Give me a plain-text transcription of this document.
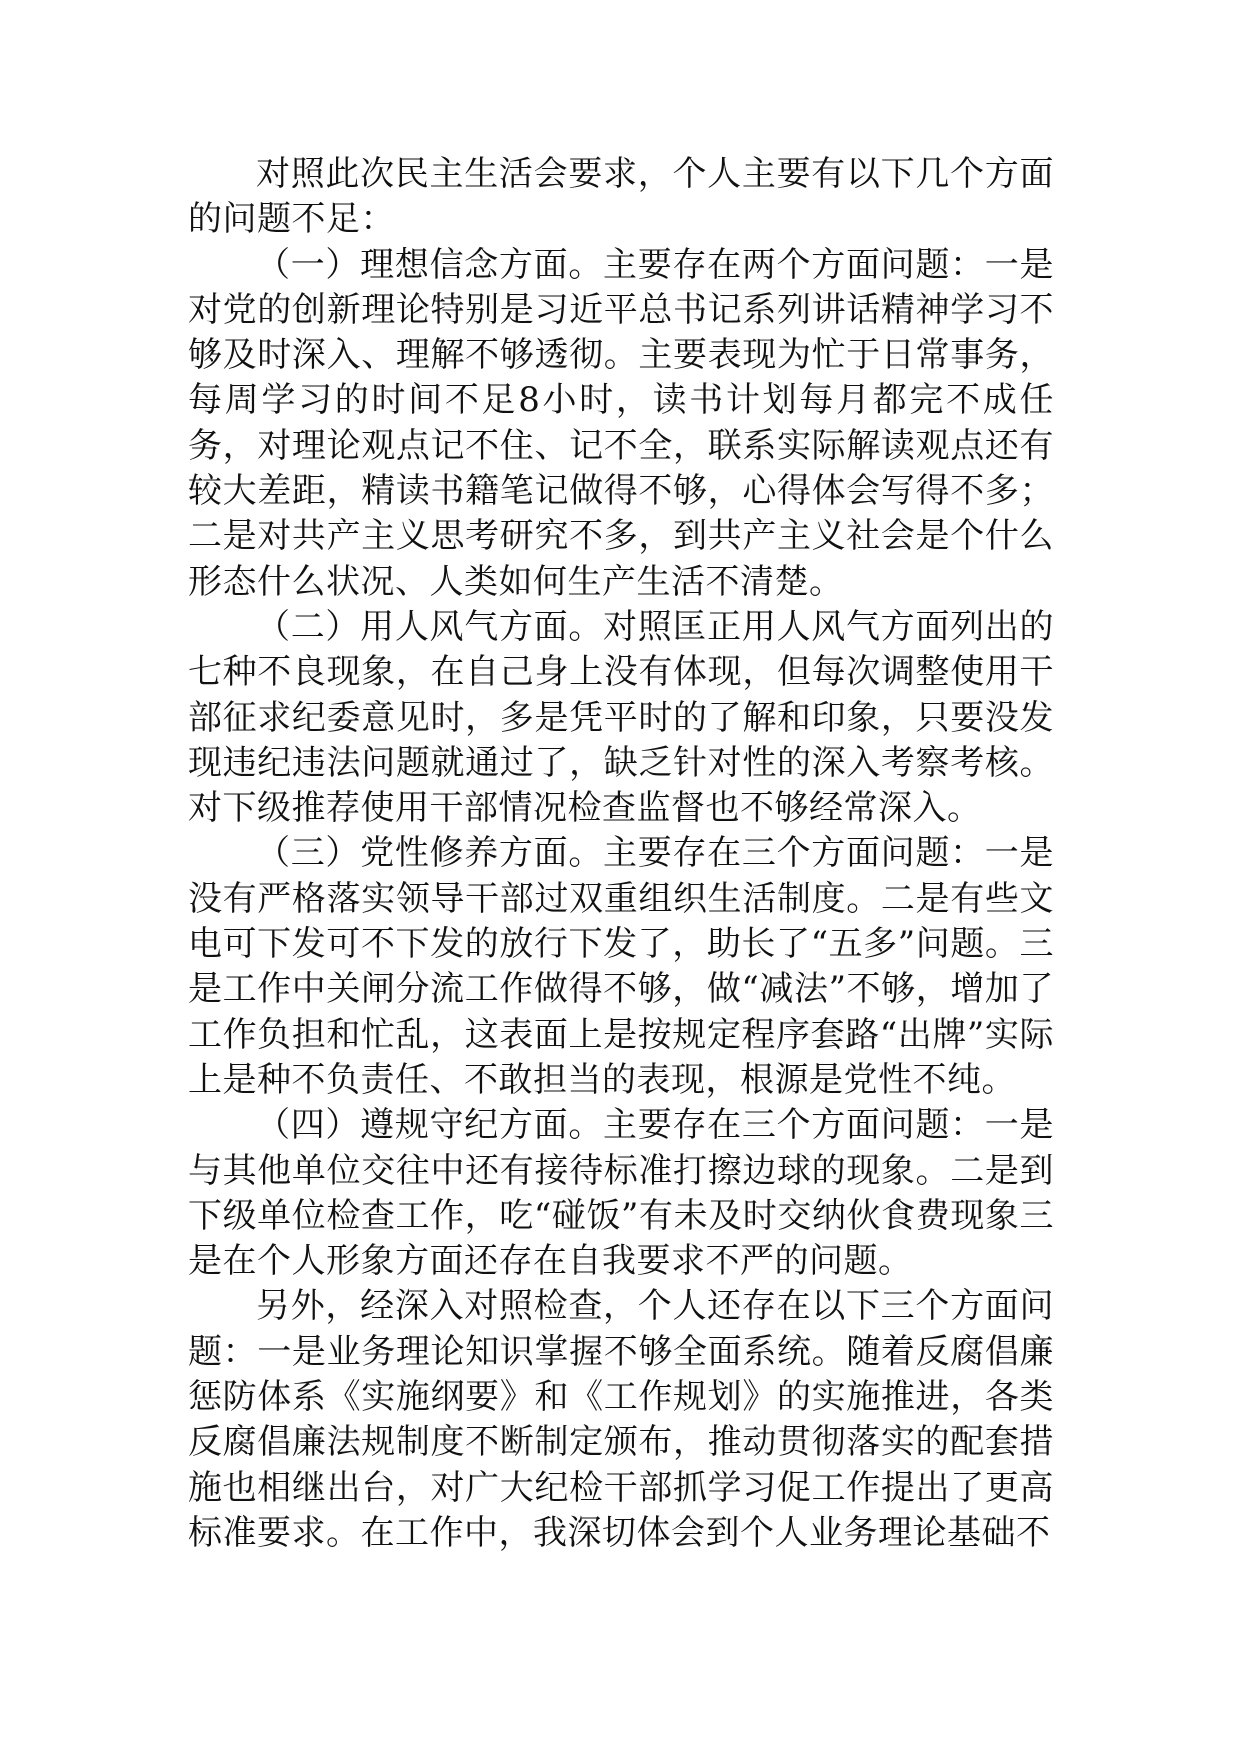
对照此次民主生活会要求，个人主要有以下几个方面的问题不足：

（一）理想信念方面。主要存在两个方面问题：一是对党的创新理论特别是习近平总书记系列讲话精神学习不够及时深入、理解不够透彻。主要表现为忙于日常事务，每周学习的时间不足8小时，读书计划每月都完不成任务，对理论观点记不住、记不全，联系实际解读观点还有较大差距，精读书籍笔记做得不够，心得体会写得不多；二是对共产主义思考研究不多，到共产主义社会是个什么形态什么状况、人类如何生产生活不清楚。

（二）用人风气方面。对照匡正用人风气方面列出的七种不良现象，在自己身上没有体现，但每次调整使用干部征求纪委意见时，多是凭平时的了解和印象，只要没发现违纪违法问题就通过了，缺乏针对性的深入考察考核。对下级推荐使用干部情况检查监督也不够经常深入。

（三）党性修养方面。主要存在三个方面问题：一是没有严格落实领导干部过双重组织生活制度。二是有些文电可下发可不下发的放行下发了，助长了“五多”问题。三是工作中关闸分流工作做得不够，做“减法”不够，增加了工作负担和忙乱，这表面上是按规定程序套路“出牌”实际上是种不负责任、不敢担当的表现，根源是党性不纯。

（四）遵规守纪方面。主要存在三个方面问题：一是与其他单位交往中还有接待标准打擦边球的现象。二是到下级单位检查工作，吃“碰饭”有未及时交纳伙食费现象三是在个人形象方面还存在自我要求不严的问题。

另外，经深入对照检查，个人还存在以下三个方面问题：一是业务理论知识掌握不够全面系统。随着反腐倡廉惩防体系《实施纲要》和《工作规划》的实施推进，各类反腐倡廉法规制度不断制定颁布，推动贯彻落实的配套措施也相继出台，对广大纪检干部抓学习促工作提出了更高标准要求。在工作中，我深切体会到个人业务理论基础不
